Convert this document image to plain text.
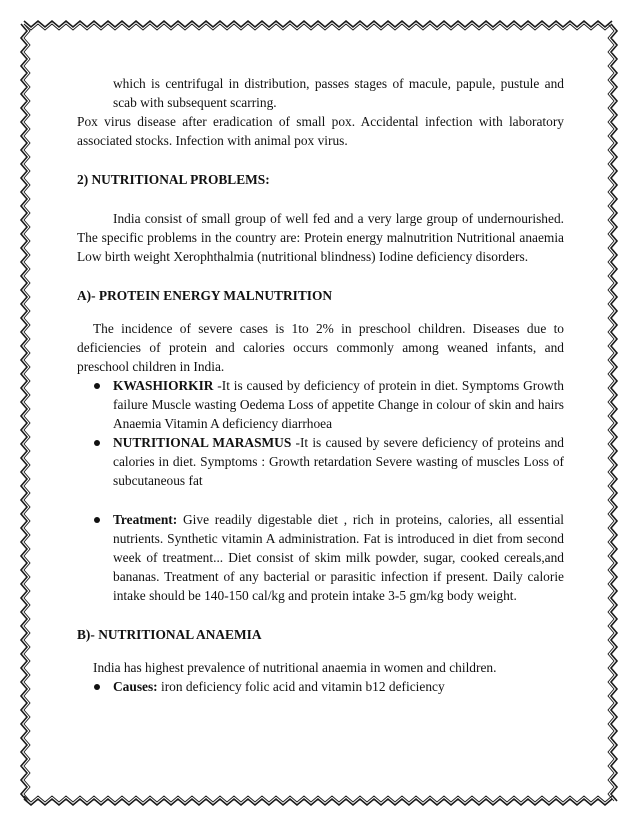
which is centrifugal in distribution, passes stages of macule, papule, pustule and scab with subsequent scarring.

Pox virus disease after eradication of small pox. Accidental infection with laboratory associated stocks. Infection with animal pox virus.

2) NUTRITIONAL PROBLEMS:

India consist of small group of well fed and a very large group of undernourished. The specific problems in the country are: Protein energy malnutrition Nutritional anaemia Low birth weight Xerophthalmia (nutritional blindness) Iodine deficiency disorders.

A)- PROTEIN ENERGY MALNUTRITION

The incidence of severe cases is 1to 2% in preschool children. Diseases due to deficiencies of protein and calories occurs commonly among weaned infants, and preschool children in India.

KWASHIORKIR -It is caused by deficiency of protein in diet. Symptoms Growth failure Muscle wasting Oedema Loss of appetite Change in colour of skin and hairs Anaemia Vitamin A deficiency diarrhoea
NUTRITIONAL MARASMUS -It is caused by severe deficiency of proteins and calories in diet. Symptoms : Growth retardation Severe wasting of muscles Loss of subcutaneous fat
Treatment: Give readily digestable diet , rich in proteins, calories, all essential nutrients. Synthetic vitamin A administration. Fat is introduced in diet from second week of treatment... Diet consist of skim milk powder, sugar, cooked cereals,and bananas. Treatment of any bacterial or parasitic infection if present. Daily calorie intake should be 140-150 cal/kg and protein intake 3-5 gm/kg body weight.

B)- NUTRITIONAL ANAEMIA

India has highest prevalence of nutritional anaemia in women and children.

Causes: iron deficiency folic acid and vitamin b12 deficiency
